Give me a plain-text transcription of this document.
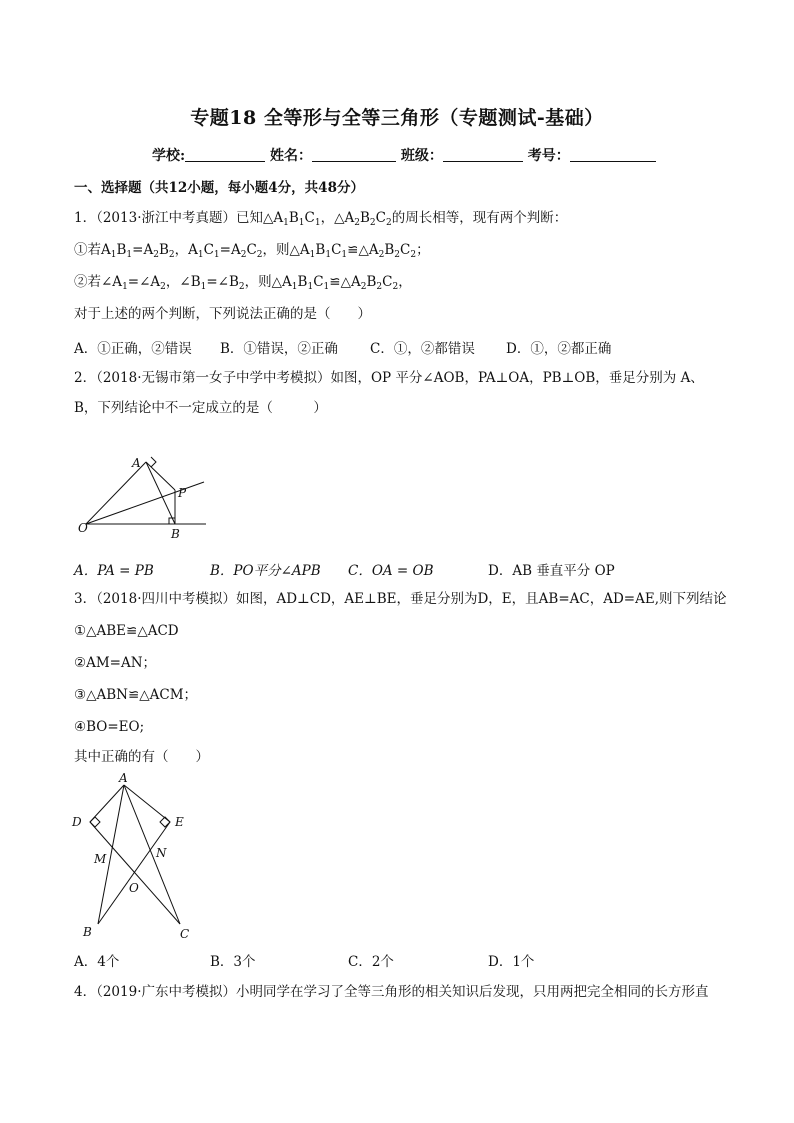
专题18 全等形与全等三角形（专题测试-基础）
学校:	姓名：	班级：	考号：
一、选择题（共12小题，每小题4分，共48分）
1．（2013·浙江中考真题）已知$\triangle A_1B_1C_1$，$\triangle A_2B_2C_2$的周长相等，现有两个判断：
①若$A_1B_1=A_2B_2$，$A_1C_1=A_2C_2$，则$\triangle A_1B_1C_1≌\triangle A_2B_2C_2$；
②若$\angle A_1=\angle A_2$，$\angle B_1=\angle B_2$，则$\triangle A_1B_1C_1≌\triangle A_2B_2C_2$，
对于上述的两个判断，下列说法正确的是（　　）
A．①正确，②错误 B．①错误，②正确 C．①，②都错误 D．①，②都正确
2．（2018·无锡市第一女子中学中考模拟）如图，OP 平分∠AOB，PA⊥OA，PB⊥OB，垂足分别为 A、
B，下列结论中不一定成立的是（　　　）
A
P
O	B
A．PA = PB	B．PO平分∠APB C．OA = OB	D．AB 垂直平分 OP
3．（2018·四川中考模拟）如图，AD⊥CD，AE⊥BE，垂足分别为D，E，且AB=AC，AD=AE,则下列结论
①△ABE≌△ACD
②AM=AN；
③△ABN≌△ACM；
④BO=EO;
其中正确的有（　　）
A
D	E
M	N
O
B	C
A．4个	B．3个	C．2个	D．1个
4．（2019·广东中考模拟）小明同学在学习了全等三角形的相关知识后发现，只用两把完全相同的长方形直
